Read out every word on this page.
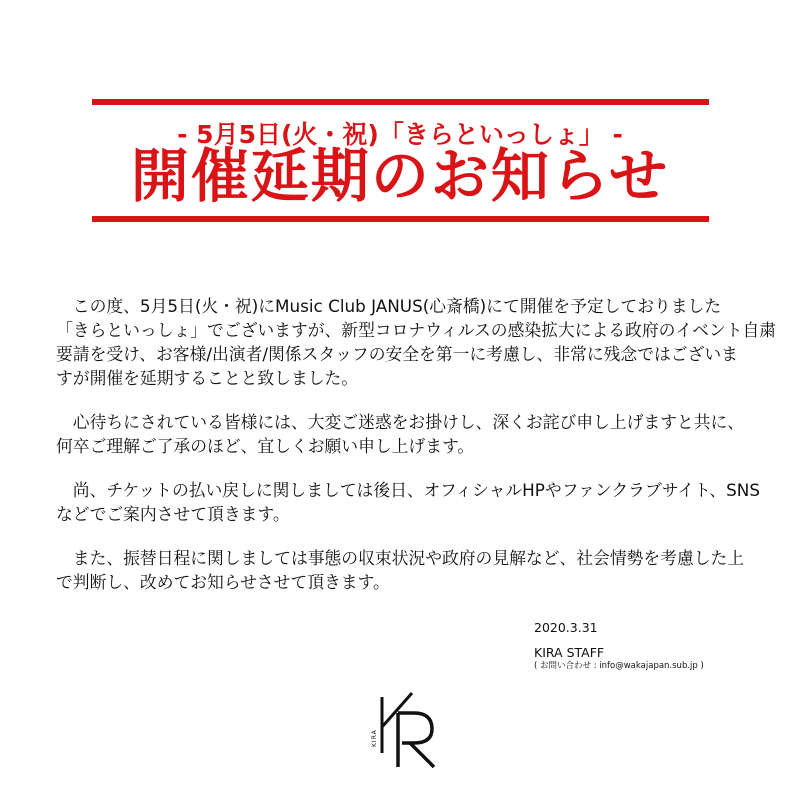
- 5月5日(火・祝)「きらといっしょ」 -
開催延期のお知らせ
　この度、5月5日(火・祝)にMusic Club JANUS(心斎橋)にて開催を予定しておりました
「きらといっしょ」でございますが、新型コロナウィルスの感染拡大による政府のイベント自粛
要請を受け、お客様/出演者/関係スタッフの安全を第一に考慮し、非常に残念ではございま
すが開催を延期することと致しました。
　心待ちにされている皆様には、大変ご迷惑をお掛けし、深くお詫び申し上げますと共に、
何卒ご理解ご了承のほど、宜しくお願い申し上げます。
　尚、チケットの払い戻しに関しましては後日、オフィシャルHPやファンクラブサイト、SNS
などでご案内させて頂きます。
　また、振替日程に関しましては事態の収束状況や政府の見解など、社会情勢を考慮した上
で判断し、改めてお知らせさせて頂きます。
2020.3.31
KIRA STAFF
( お問い合わせ : info@wakajapan.sub.jp )
KIRA
